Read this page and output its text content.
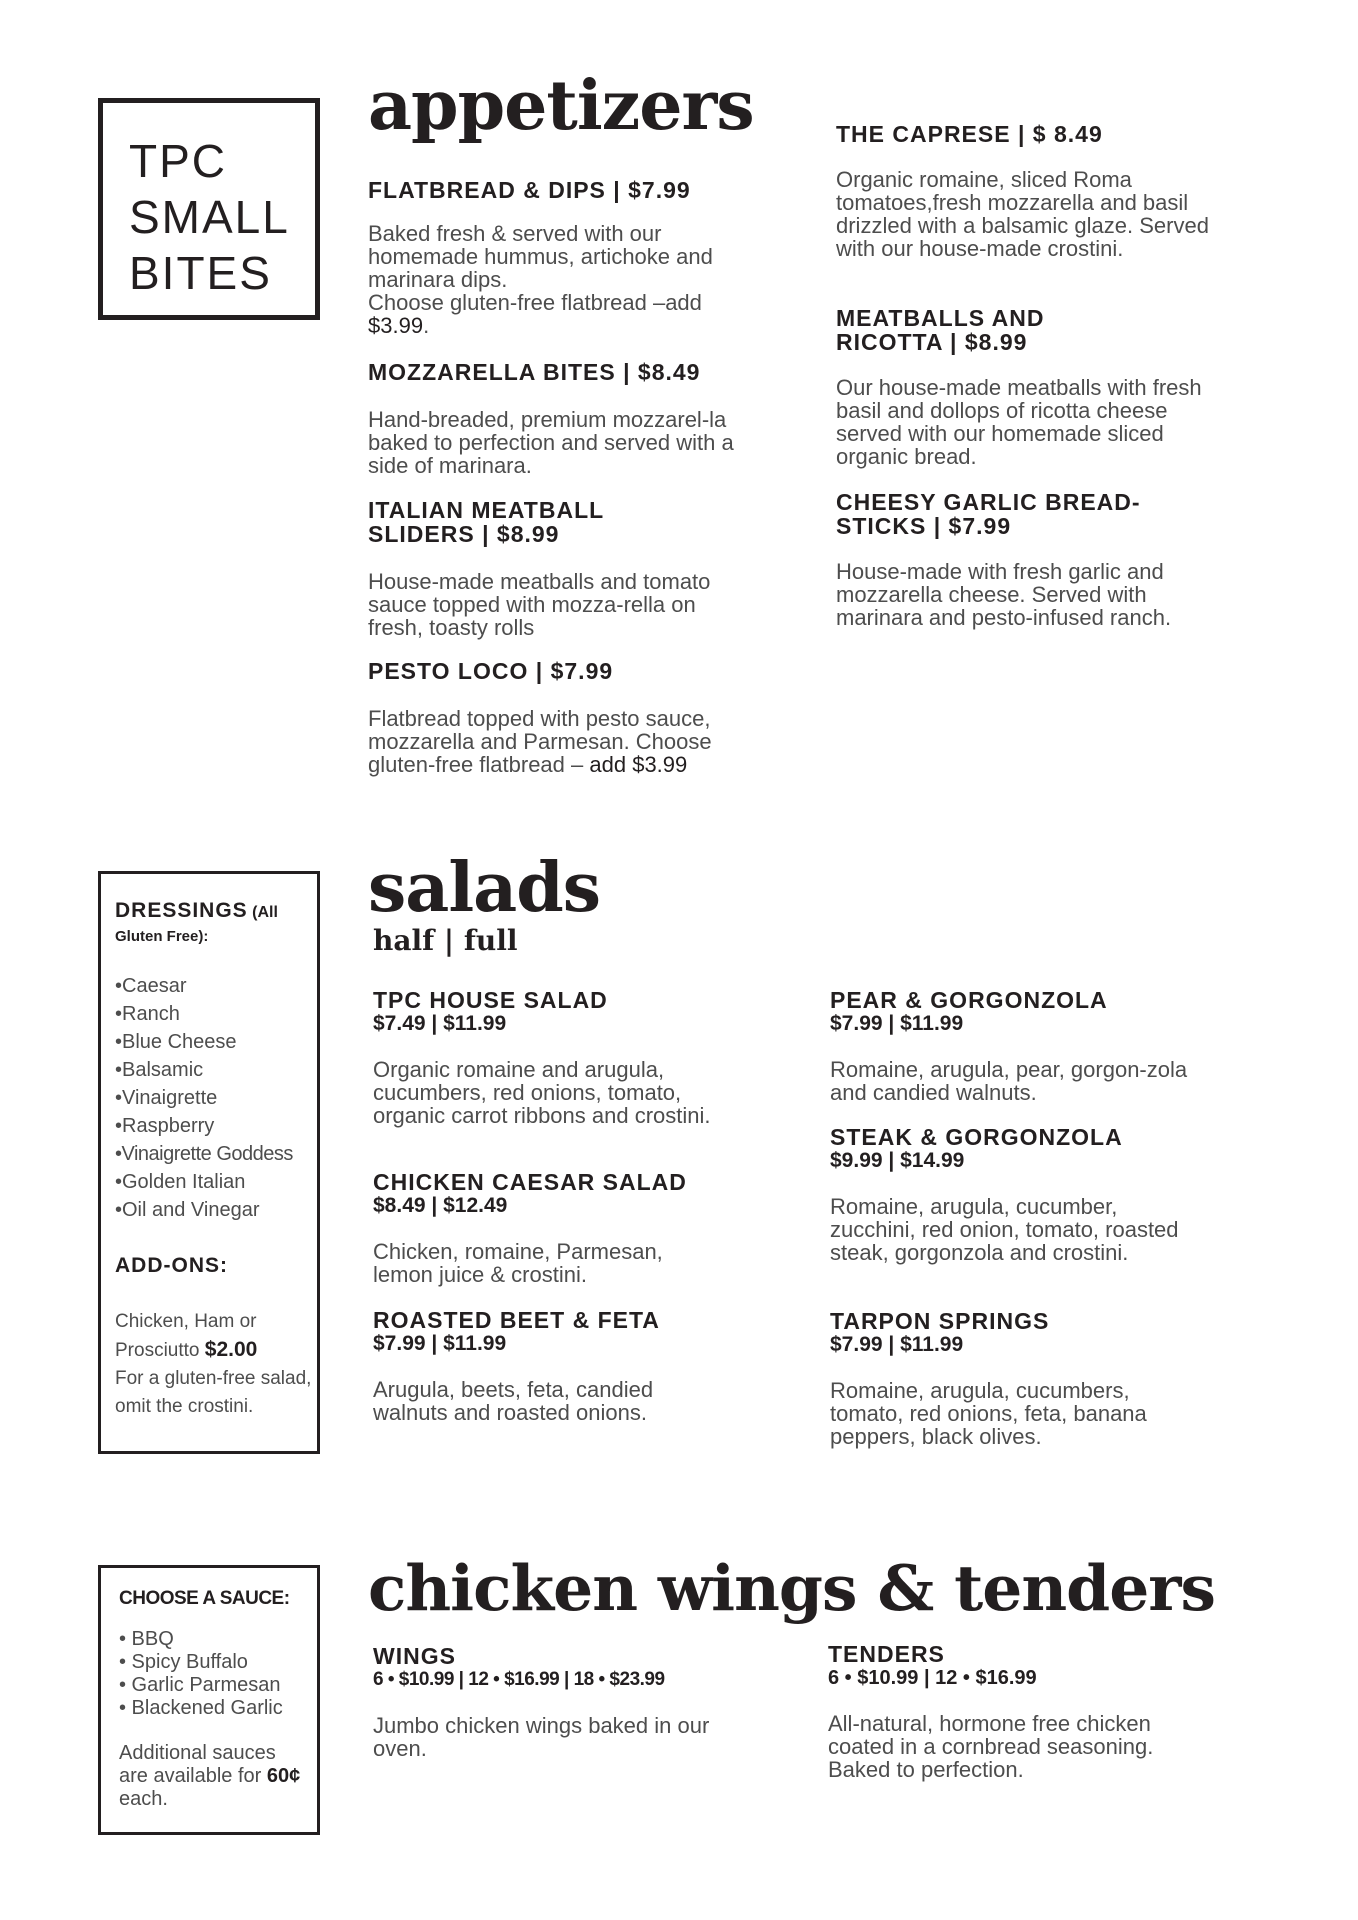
TPC
SMALL
BITES
appetizers

FLATBREAD & DIPS | $7.99

Baked fresh & served with our homemade hummus, artichoke and marinara dips.

Choose gluten-free flatbread –add $3.99.

MOZZARELLA BITES | $8.49

Hand-breaded, premium mozzarel-la baked to perfection and served with a side of marinara.

ITALIAN MEATBALL SLIDERS | $8.99

House-made meatballs and tomato sauce topped with mozza-rella on fresh, toasty rolls

PESTO LOCO | $7.99

Flatbread topped with pesto sauce, mozzarella and Parmesan. Choose gluten-free flatbread – add $3.99

THE CAPRESE | $ 8.49

Organic romaine, sliced Roma tomatoes,fresh mozzarella and basil drizzled with a balsamic glaze. Served with our house-made crostini.

MEATBALLS AND RICOTTA | $8.99

Our house-made meatballs with fresh basil and dollops of ricotta cheese served with our homemade sliced organic bread.

CHEESY GARLIC BREAD-STICKS | $7.99

House-made with fresh garlic and mozzarella cheese. Served with marinara and pesto-infused ranch.

DRESSINGS (All
Gluten Free):
•Caesar
•Ranch
•Blue Cheese
•Balsamic
•Vinaigrette
•Raspberry
•Vinaigrette Goddess
•Golden Italian
•Oil and Vinegar
ADD-ONS:
Chicken, Ham or Prosciutto $2.00
For a gluten-free salad, omit the crostini.
salads
half | full

TPC HOUSE SALAD

$7.49 | $11.99

Organic romaine and arugula, cucumbers, red onions, tomato, organic carrot ribbons and crostini.

CHICKEN CAESAR SALAD

$8.49 | $12.49

Chicken, romaine, Parmesan, lemon juice & crostini.

ROASTED BEET & FETA

$7.99 | $11.99

Arugula, beets, feta, candied walnuts and roasted onions.

PEAR & GORGONZOLA

$7.99 | $11.99

Romaine, arugula, pear, gorgon-zola and candied walnuts.

STEAK & GORGONZOLA

$9.99 | $14.99

Romaine, arugula, cucumber, zucchini, red onion, tomato, roasted steak, gorgonzola and crostini.

TARPON SPRINGS

$7.99 | $11.99

Romaine, arugula, cucumbers, tomato, red onions, feta, banana peppers, black olives.

CHOOSE A SAUCE:
• BBQ
• Spicy Buffalo
• Garlic Parmesan
• Blackened Garlic
Additional sauces are available for 60¢ each.
chicken wings & tenders

WINGS

6 • $10.99 | 12 • $16.99 | 18 • $23.99

Jumbo chicken wings baked in our oven.

TENDERS

6 • $10.99 | 12 • $16.99

All-natural, hormone free chicken coated in a cornbread seasoning. Baked to perfection.
